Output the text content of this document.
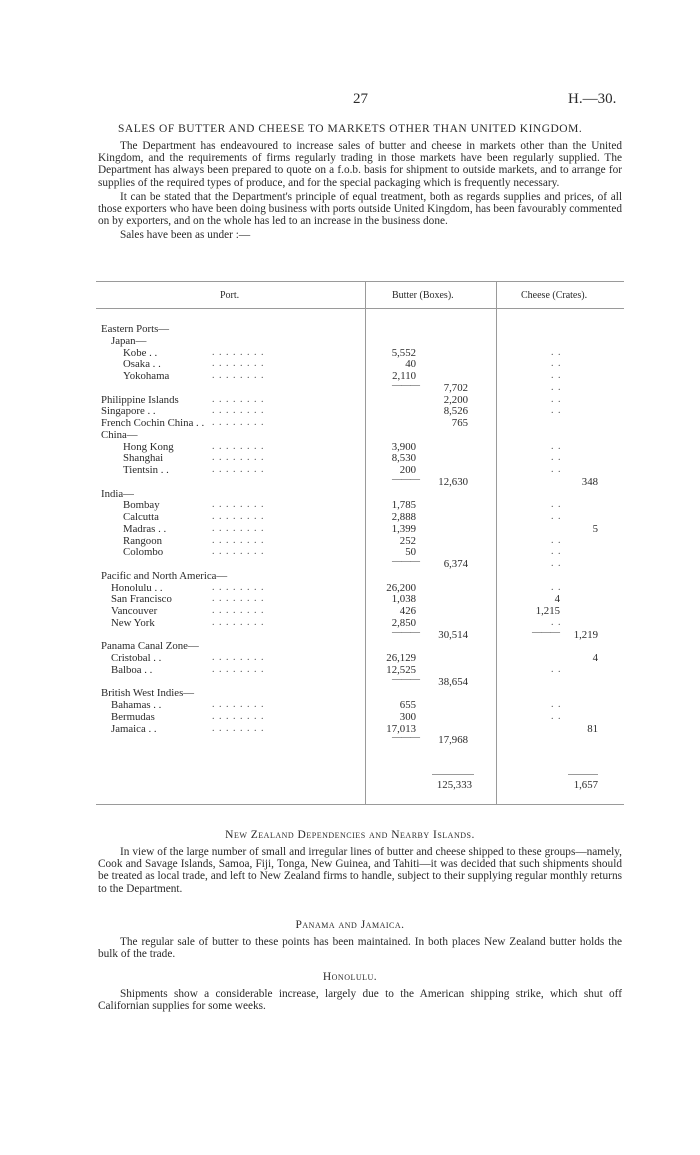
27	H.—30.
SALES OF BUTTER AND CHEESE TO MARKETS OTHER THAN UNITED KINGDOM.

The Department has endeavoured to increase sales of butter and cheese in markets other than the United Kingdom, and the requirements of firms regularly trading in those markets have been regularly supplied. The Department has always been prepared to quote on a f.o.b. basis for shipment to outside markets, and to arrange for supplies of the required types of produce, and for the special packaging which is frequently necessary.

It can be stated that the Department's principle of equal treatment, both as regards supplies and prices, of all those exporters who have been doing business with ports outside United Kingdom, has been favourably commented on by exporters, and on the whole has led to an increase in the business done.

Sales have been as under :—

Port.	Butter (Boxes).	Cheese (Crates).
Eastern Ports—
Japan—
Kobe . .	. . . . . . . .	5,552	. .
Osaka . .	. . . . . . . .	40	. .
Yokohama	. . . . . . . .	2,110	. .
———	7,702	. .
Philippine Islands	. . . . . . . .	2,200	. .
Singapore . .	. . . . . . . .	8,526	. .
French Cochin China . . . . . . . . . .	765
China—
Hong Kong	. . . . . . . .	3,900	. .
Shanghai	. . . . . . . .	8,530	. .
Tientsin . .	. . . . . . . .	200	. .
———	12,630	348
India—
Bombay	. . . . . . . .	1,785	. .
Calcutta	. . . . . . . .	2,888	. .
Madras . .	. . . . . . . .	1,399	5
Rangoon	. . . . . . . .	252	. .
Colombo	. . . . . . . .	50	. .
———	6,374	. .
Pacific and North America—
Honolulu . .	. . . . . . . .	26,200	. .
San Francisco	. . . . . . . .	1,038	4
Vancouver	. . . . . . . .	426	1,215
New York	. . . . . . . .	2,850	. .
———	30,514	———	1,219
Panama Canal Zone—
Cristobal . .	. . . . . . . .	26,129	4
Balboa . .	. . . . . . . .	12,525	. .
———	38,654
British West Indies—
Bahamas . .	. . . . . . . .	655	. .
Bermudas	. . . . . . . .	300	. .
Jamaica . .	. . . . . . . .	17,013	81
———	17,968
125,333	1,657
New Zealand Dependencies and Nearby Islands.

In view of the large number of small and irregular lines of butter and cheese shipped to these groups—namely, Cook and Savage Islands, Samoa, Fiji, Tonga, New Guinea, and Tahiti—it was decided that such shipments should be treated as local trade, and left to New Zealand firms to handle, subject to their supplying regular monthly returns to the Department.

Panama and Jamaica.

The regular sale of butter to these points has been maintained. In both places New Zealand butter holds the bulk of the trade.

Honolulu.

Shipments show a considerable increase, largely due to the American shipping strike, which shut off Californian supplies for some weeks.
